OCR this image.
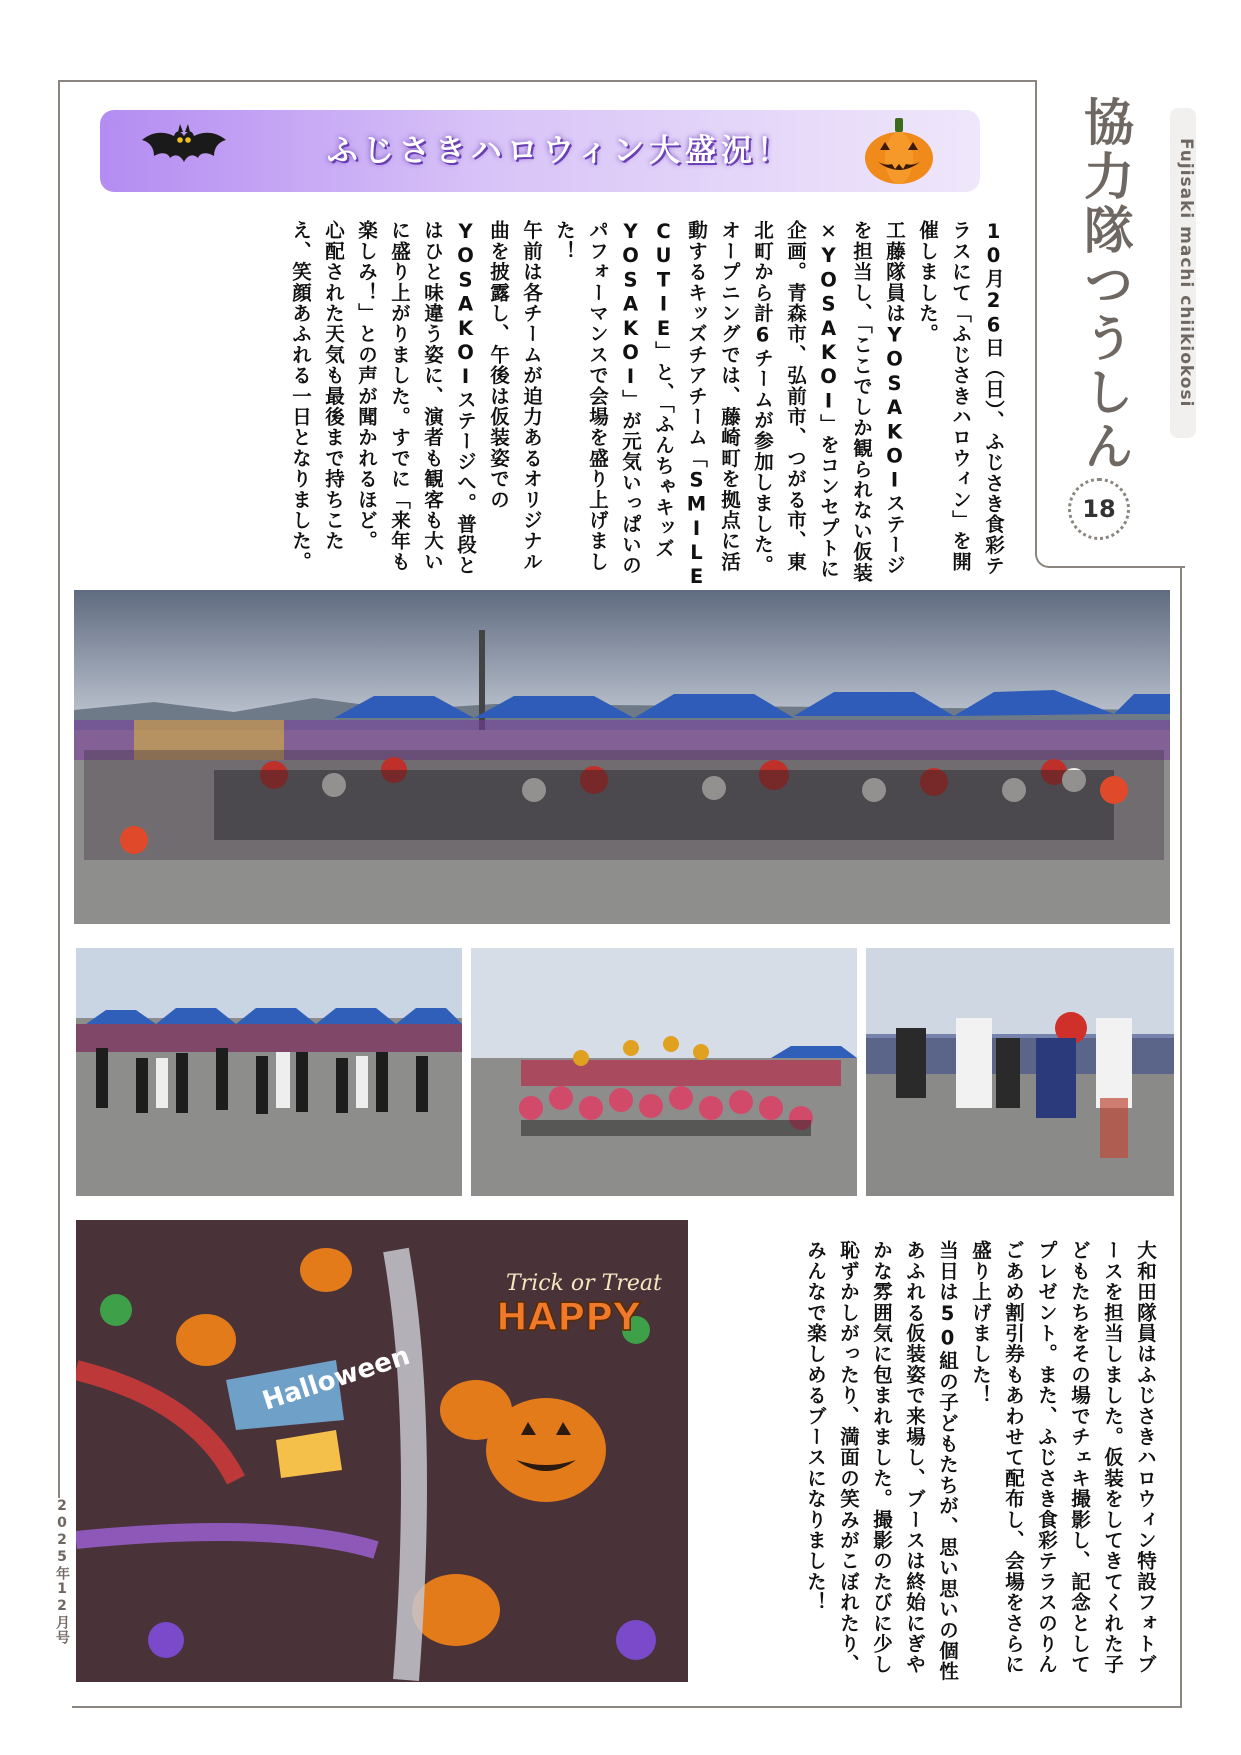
ふじさきハロウィン大盛況！	協力隊つうしん	Fujisaki machi chiikiokosi
18

10月26日（日）、ふじさき食彩テラスにて「ふじさきハロウィン」を開催しました。

工藤隊員はYOSAKOIステージを担当し、「ここでしか観られない仮装✕YOSAKOI」をコンセプトに企画。青森市、弘前市、つがる市、東北町から計6チームが参加しました。

オープニングでは、藤崎町を拠点に活動するキッズチアチーム「SMILE CUTIE」と、「ふんちゃキッズYOSAKOI」が元気いっぱいのパフォーマンスで会場を盛り上げました！

午前は各チームが迫力あるオリジナル曲を披露し、午後は仮装姿でのYOSAKOIステージへ。普段とはひと味違う姿に、演者も観客も大いに盛り上がりました。すでに「来年も楽しみ！」との声が聞かれるほど。

心配された天気も最後まで持ちこたえ、笑顔あふれる一日となりました。

Trick or Treat
HAPPY
Halloween	大和田隊員はふじさきハロウィン特設フォトブースを担当しました。仮装をしてきてくれた子どもたちをその場でチェキ撮影し、記念としてプレゼント。また、ふじさき食彩テラスのりんごあめ割引券もあわせて配布し、会場をさらに盛り上げました！

当日は50組の子どもたちが、思い思いの個性あふれる仮装姿で来場し、ブースは終始にぎやかな雰囲気に包まれました。撮影のたびに少し恥ずかしがったり、満面の笑みがこぼれたり、みんなで楽しめるブースになりました！

2025年12月号
